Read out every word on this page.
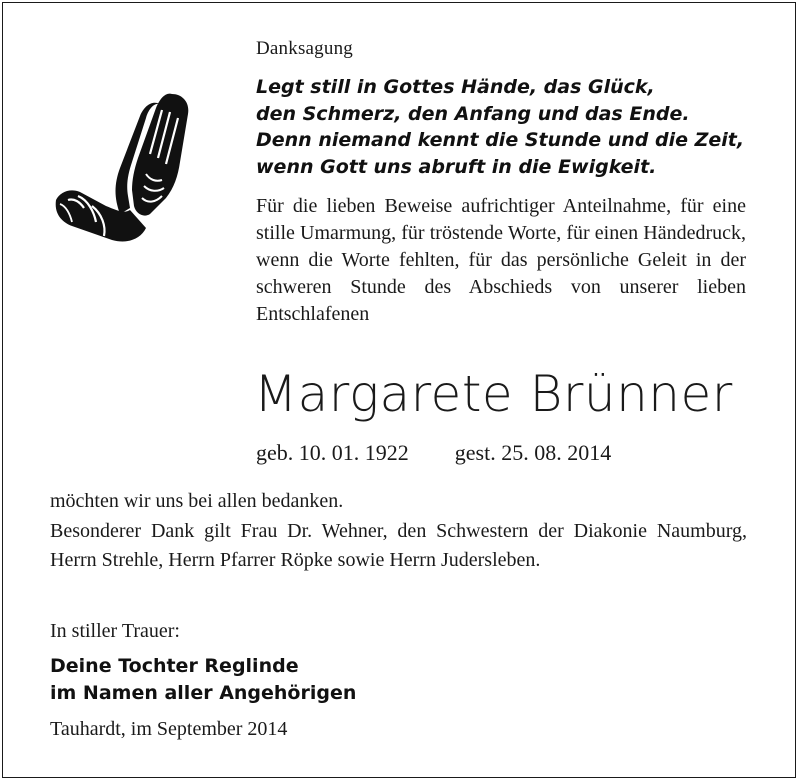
Danksagung
Legt still in Gottes Hände, das Glück,
den Schmerz, den Anfang und das Ende.
Denn niemand kennt die Stunde und die Zeit,
wenn Gott uns abruft in die Ewigkeit.
Für die lieben Beweise aufrichtiger Anteilnahme, für eine stille Umarmung, für tröstende Worte, für einen Händedruck, wenn die Worte fehlten, für das persönliche Geleit in der schweren Stunde des Abschieds von unserer lieben Entschlafenen
Margarete Brünner
geb. 10. 01. 1922 gest. 25. 08. 2014
möchten wir uns bei allen bedanken.
Besonderer Dank gilt Frau Dr. Wehner, den Schwestern der Diakonie Naumburg, Herrn Strehle, Herrn Pfarrer Röpke sowie Herrn Judersleben.
In stiller Trauer:
Deine Tochter Reglinde
im Namen aller Angehörigen
Tauhardt, im September 2014
